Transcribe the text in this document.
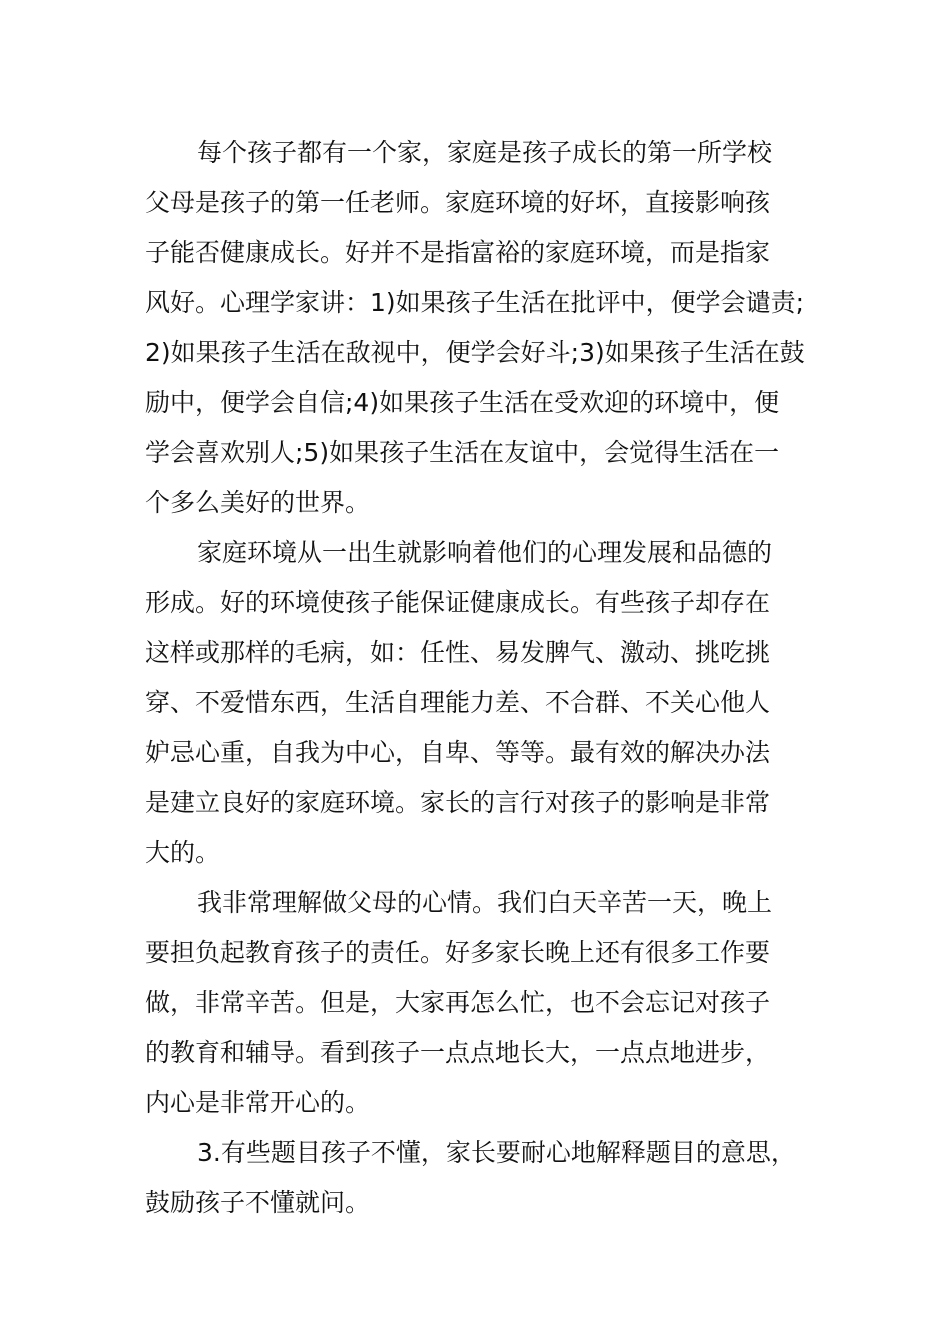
每个孩子都有一个家，家庭是孩子成长的第一所学校
父母是孩子的第一任老师。家庭环境的好坏，直接影响孩
子能否健康成长。好并不是指富裕的家庭环境，而是指家
风好。心理学家讲：1)如果孩子生活在批评中，便学会谴责;
2)如果孩子生活在敌视中，便学会好斗;3)如果孩子生活在鼓
励中，便学会自信;4)如果孩子生活在受欢迎的环境中，便
学会喜欢别人;5)如果孩子生活在友谊中，会觉得生活在一
个多么美好的世界。
家庭环境从一出生就影响着他们的心理发展和品德的
形成。好的环境使孩子能保证健康成长。有些孩子却存在
这样或那样的毛病，如：任性、易发脾气、激动、挑吃挑
穿、不爱惜东西，生活自理能力差、不合群、不关心他人
妒忌心重，自我为中心，自卑、等等。最有效的解决办法
是建立良好的家庭环境。家长的言行对孩子的影响是非常
大的。
我非常理解做父母的心情。我们白天辛苦一天，晚上
要担负起教育孩子的责任。好多家长晚上还有很多工作要
做，非常辛苦。但是，大家再怎么忙，也不会忘记对孩子
的教育和辅导。看到孩子一点点地长大，一点点地进步，
内心是非常开心的。
3.有些题目孩子不懂，家长要耐心地解释题目的意思，
鼓励孩子不懂就问。
